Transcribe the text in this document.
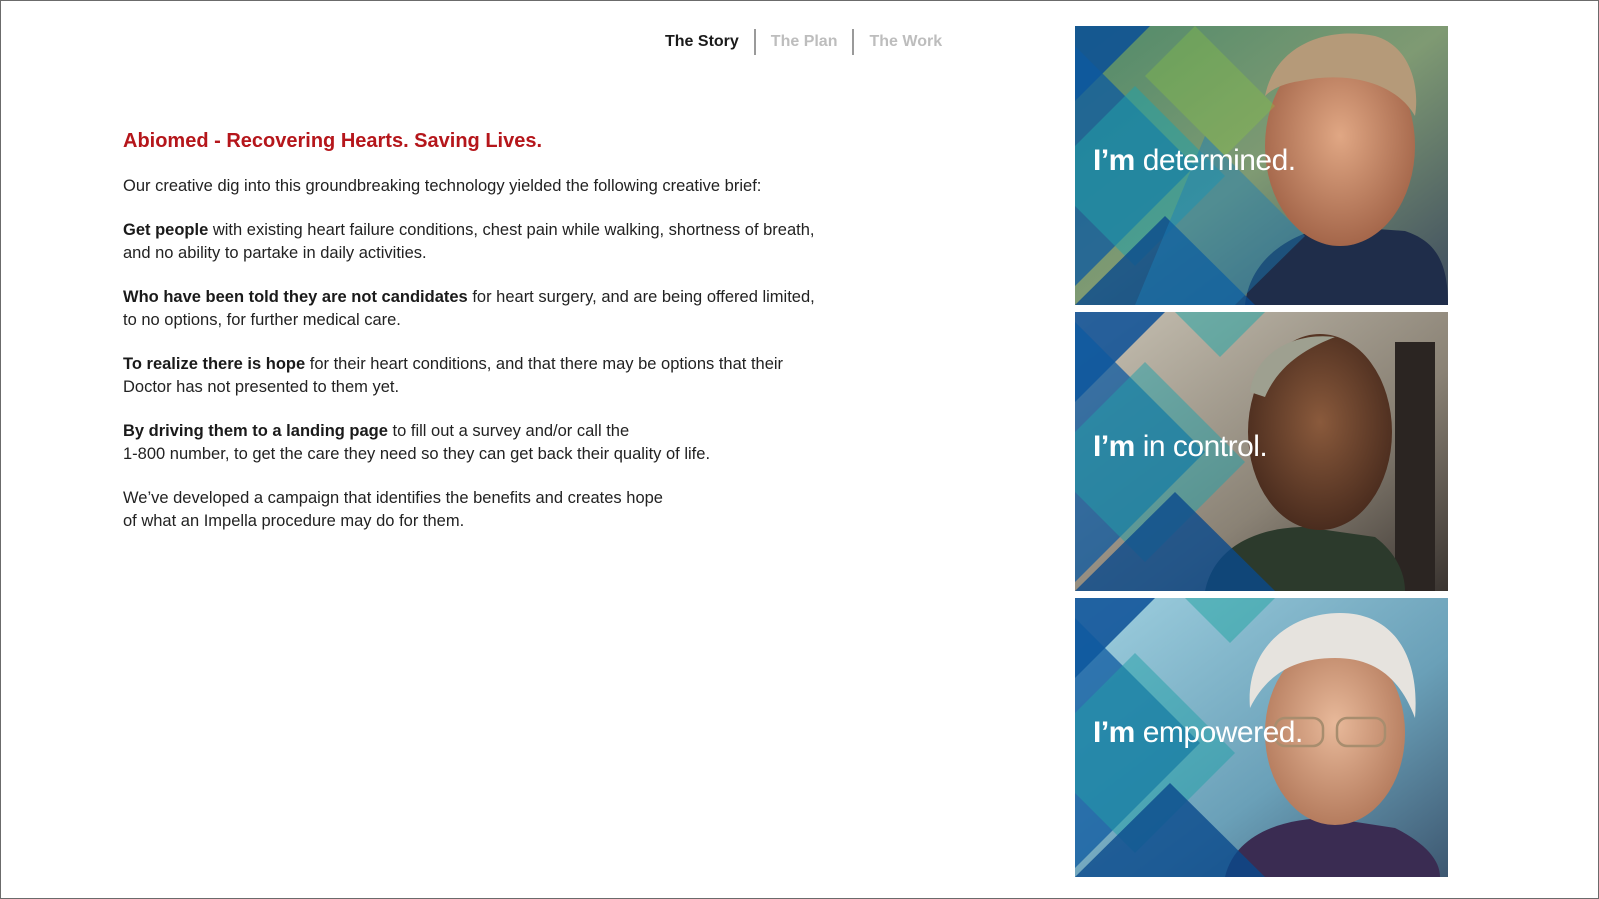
The Story	The Plan	The Work
Abiomed - Recovering Hearts. Saving Lives.

Our creative dig into this groundbreaking technology yielded the following creative brief:

Get people with existing heart failure conditions, chest pain while walking, shortness of breath,
and no ability to partake in daily activities.

Who have been told they are not candidates for heart surgery, and are being offered limited,
to no options, for further medical care.

To realize there is hope for their heart conditions, and that there may be options that their
Doctor has not presented to them yet.

By driving them to a landing page to fill out a survey and/or call the
1-800 number, to get the care they need so they can get back their quality of life.

We’ve developed a campaign that identifies the benefits and creates hope
of what an Impella procedure may do for them.

I’m determined.
I’m in control.
I’m empowered.
